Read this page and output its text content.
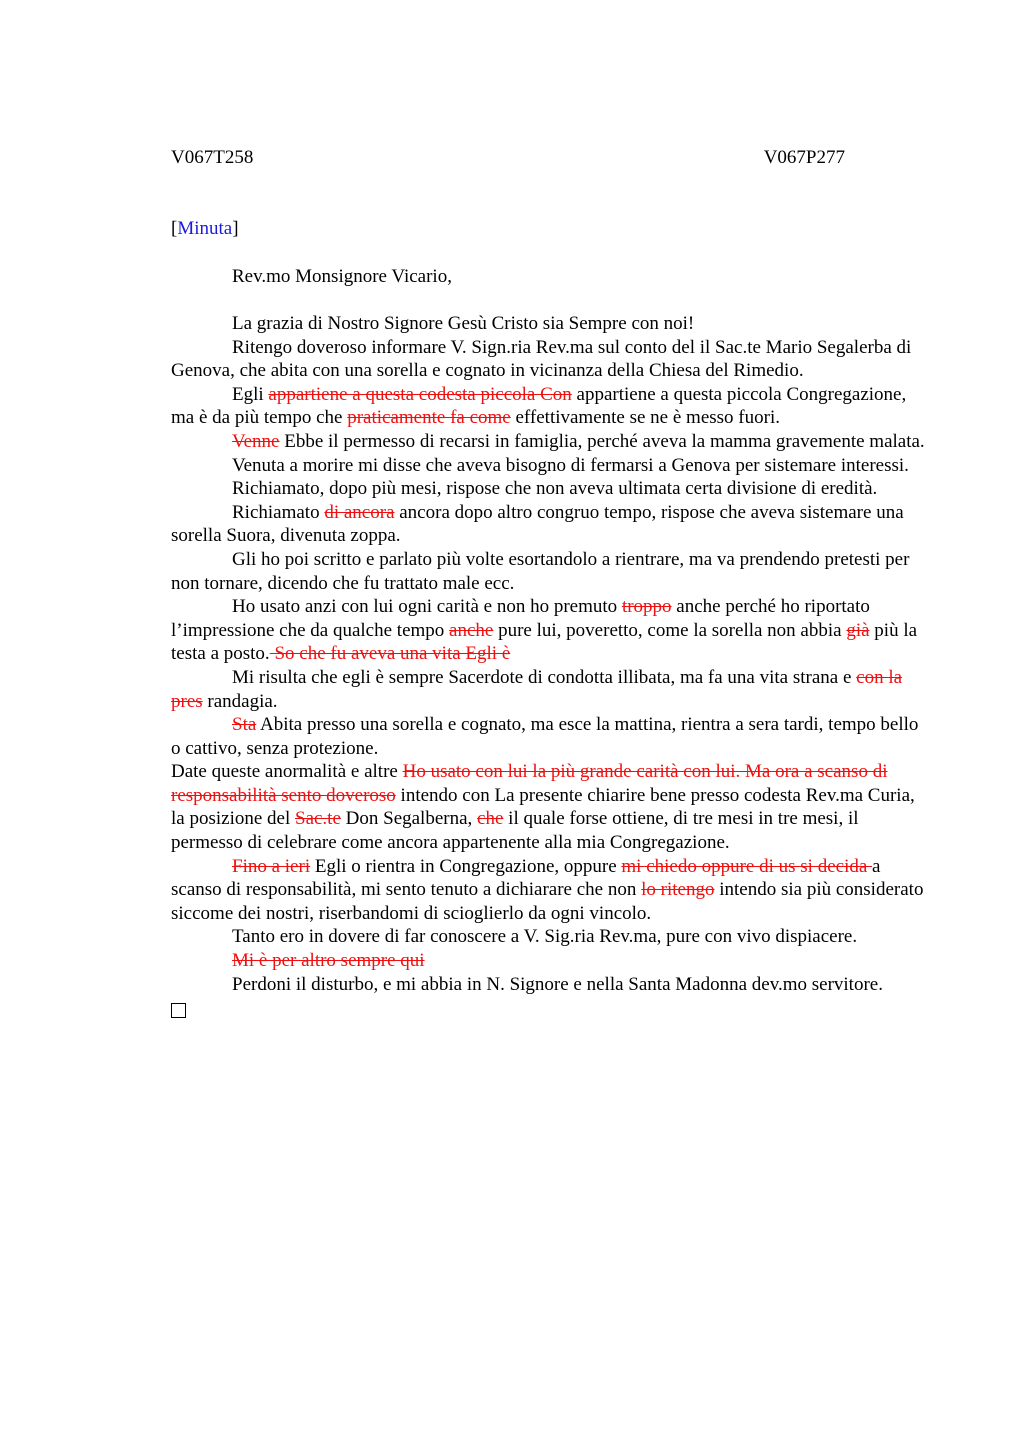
V067T258	V067P277
[Minuta]
Rev.mo Monsignore Vicario,

La grazia di Nostro Signore Gesù Cristo sia Sempre con noi!

Ritengo doveroso informare V. Sign.ria Rev.ma sul conto del il Sac.te Mario Segalerba di Genova, che abita con una sorella e cognato in vicinanza della Chiesa del Rimedio.

Egli appartiene a questa codesta piccola Con appartiene a questa piccola Congregazione, ma è da più tempo che praticamente fa come effettivamente se ne è messo fuori.

Venne Ebbe il permesso di recarsi in famiglia, perché aveva la mamma gravemente malata.

Venuta a morire mi disse che aveva bisogno di fermarsi a Genova per sistemare interessi.

Richiamato, dopo più mesi, rispose che non aveva ultimata certa divisione di eredità.

Richiamato di ancora ancora dopo altro congruo tempo, rispose che aveva sistemare una sorella Suora, divenuta zoppa.

Gli ho poi scritto e parlato più volte esortandolo a rientrare, ma va prendendo pretesti per non tornare, dicendo che fu trattato male ecc.

Ho usato anzi con lui ogni carità e non ho premuto troppo anche perché ho riportato l’impressione che da qualche tempo anche pure lui, poveretto, come la sorella non abbia già più la testa a posto. So che fu aveva una vita Egli è

Mi risulta che egli è sempre Sacerdote di condotta illibata, ma fa una vita strana e con la pres randagia.

Sta Abita presso una sorella e cognato, ma esce la mattina, rientra a sera tardi, tempo bello o cattivo, senza protezione.

Date queste anormalità e altre Ho usato con lui la più grande carità con lui. Ma ora a scanso di responsabilità sento doveroso intendo con La presente chiarire bene presso codesta Rev.ma Curia, la posizione del Sac.te Don Segalberna, che il quale forse ottiene, di tre mesi in tre mesi, il permesso di celebrare come ancora appartenente alla mia Congregazione.

Fino a ieri Egli o rientra in Congregazione, oppure mi chiedo oppure di us si decida a scanso di responsabilità, mi sento tenuto a dichiarare che non lo ritengo intendo sia più considerato siccome dei nostri, riserbandomi di scioglierlo da ogni vincolo.

Tanto ero in dovere di far conoscere a V. Sig.ria Rev.ma, pure con vivo dispiacere.

Mi è per altro sempre qui

Perdoni il disturbo, e mi abbia in N. Signore e nella Santa Madonna dev.mo servitore.
